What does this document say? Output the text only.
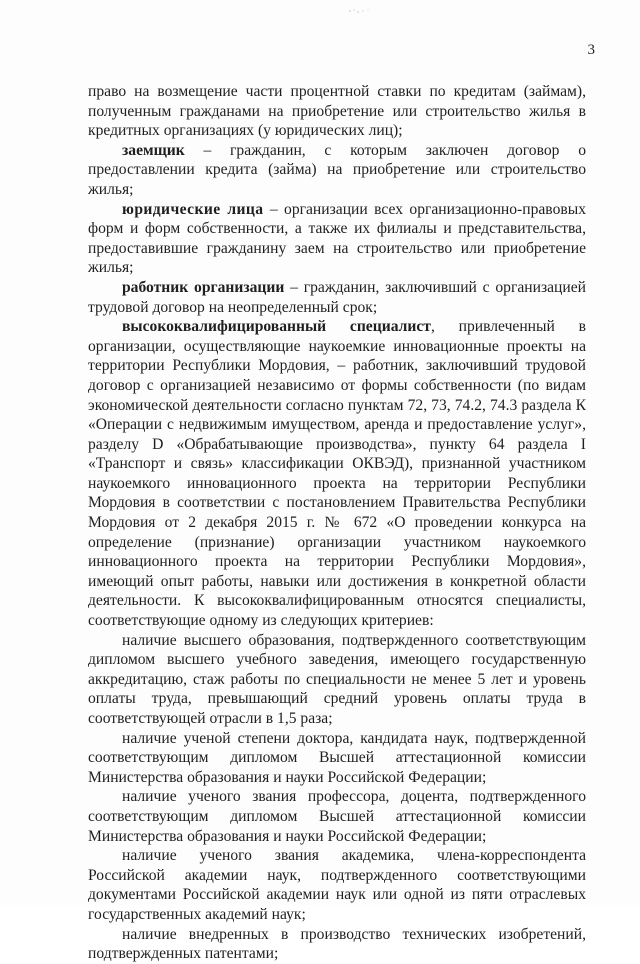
3

право на возмещение части процентной ставки по кредитам (займам), полученным гражданами на приобретение или строительство жилья в кредитных организациях (у юридических лиц);

заемщик – гражданин, с которым заключен договор о предоставлении кредита (займа) на приобретение или строительство жилья;

юридические лица – организации всех организационно-правовых форм и форм собственности, а также их филиалы и представительства, предоставившие гражданину заем на строительство или приобретение жилья;

работник организации – гражданин, заключивший с организацией трудовой договор на неопределенный срок;

высококвалифицированный специалист, привлеченный в организации, осуществляющие наукоемкие инновационные проекты на территории Республики Мордовия, – работник, заключивший трудовой договор с организацией независимо от формы собственности (по видам экономической деятельности согласно пунктам 72, 73, 74.2, 74.3 раздела К «Операции с недвижимым имуществом, аренда и предоставление услуг», разделу D «Обрабатывающие производства», пункту 64 раздела I «Транспорт и связь» классификации ОКВЭД), признанной участником наукоемкого инновационного проекта на территории Республики Мордовия в соответствии с постановлением Правительства Республики Мордовия от 2 декабря 2015 г. № 672 «О проведении конкурса на определение (признание) организации участником наукоемкого инновационного проекта на территории Республики Мордовия», имеющий опыт работы, навыки или достижения в конкретной области деятельности. К высококвалифицированным относятся специалисты, соответствующие одному из следующих критериев:

наличие высшего образования, подтвержденного соответствующим дипломом высшего учебного заведения, имеющего государственную аккредитацию, стаж работы по специальности не менее 5 лет и уровень оплаты труда, превышающий средний уровень оплаты труда в соответствующей отрасли в 1,5 раза;

наличие ученой степени доктора, кандидата наук, подтвержденной соответствующим дипломом Высшей аттестационной комиссии Министерства образования и науки Российской Федерации;

наличие ученого звания профессора, доцента, подтвержденного соответствующим дипломом Высшей аттестационной комиссии Министерства образования и науки Российской Федерации;

наличие ученого звания академика, члена-корреспондента Российской академии наук, подтвержденного соответствующими документами Российской академии наук или одной из пяти отраслевых государственных академий наук;

наличие внедренных в производство технических изобретений, подтвержденных патентами;
